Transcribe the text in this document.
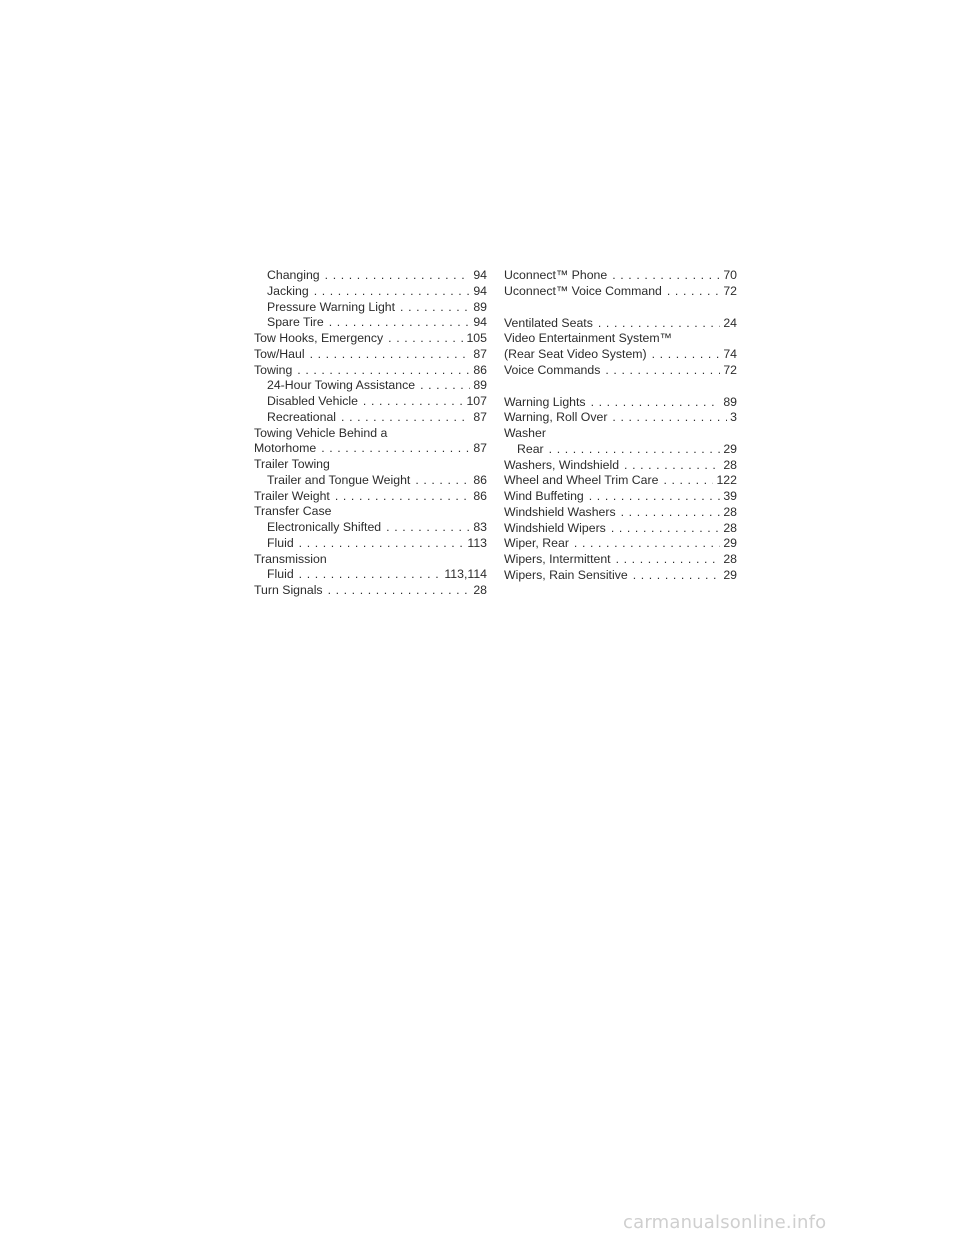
Changing . . .	94
Jacking . . .	94
Pressure Warning Light . . .	89
Spare Tire . . .	94
Tow Hooks, Emergency . . .	105
Tow/Haul . . .	87
Towing . . .	86
24-Hour Towing Assistance . . .	89
Disabled Vehicle . . .	107
Recreational . . .	87
Towing Vehicle Behind a
Motorhome . . .	87
Trailer Towing
Trailer and Tongue Weight . . .	86
Trailer Weight . . .	86
Transfer Case
Electronically Shifted . . .	83
Fluid . . .	113
Transmission
Fluid . . .	113,114
Turn Signals . . .	28
Uconnect™ Phone . . .	70
Uconnect™ Voice Command . . .	72
Ventilated Seats . . .	24
Video Entertainment System™
(Rear Seat Video System) . . .	74
Voice Commands . . .	72
Warning Lights . . .	89
Warning, Roll Over . . .	3
Washer
Rear . . .	29
Washers, Windshield . . .	28
Wheel and Wheel Trim Care . . .	122
Wind Buffeting . . .	39
Windshield Washers . . .	28
Windshield Wipers . . .	28
Wiper, Rear . . .	29
Wipers, Intermittent . . .	28
Wipers, Rain Sensitive . . .	29
carmanualsonline.info
